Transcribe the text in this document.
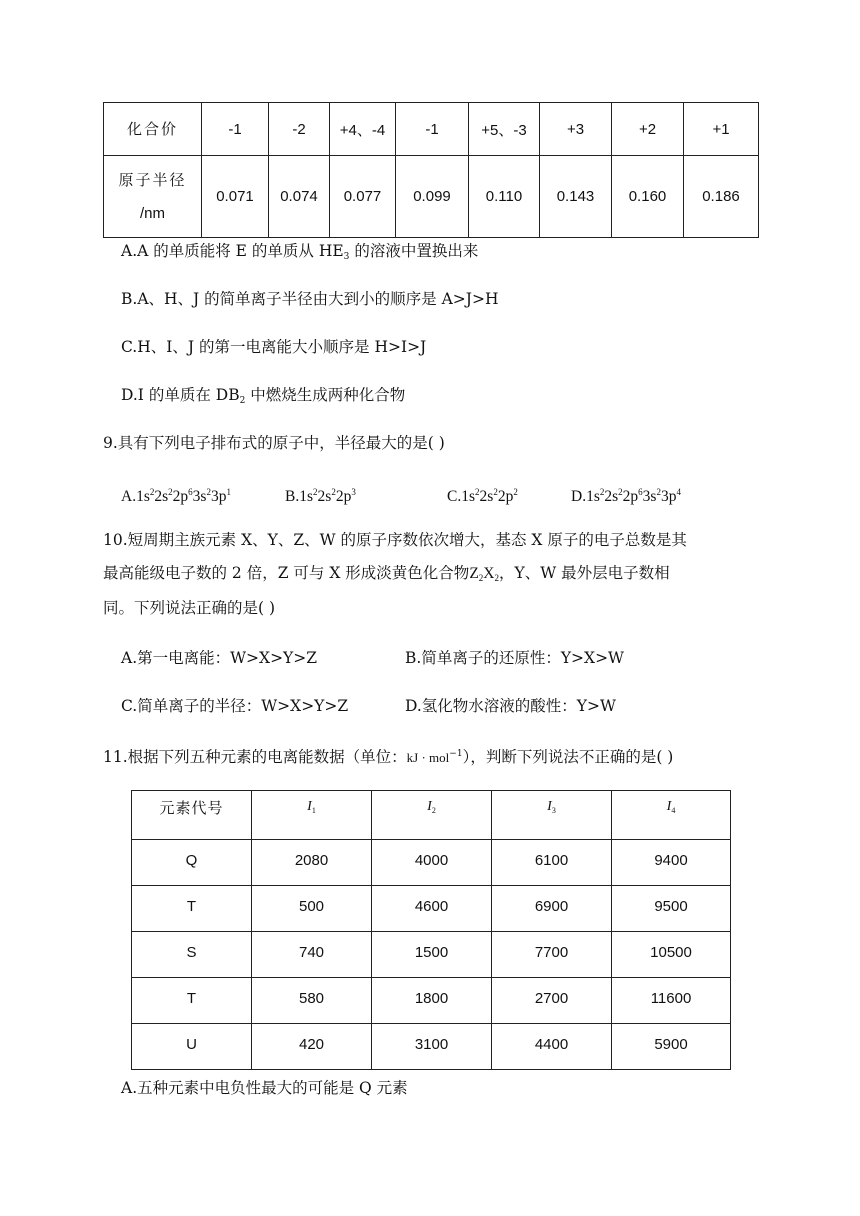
化合价	-1	-2	+4、-4	-1	+5、-3	+3	+2	+1

原子半径
/nm	0.071	0.074	0.077	0.099	0.110	0.143	0.160	0.186
A.A 的单质能将 E 的单质从 $HE_3$ 的溶液中置换出来
B.A、H、J 的简单离子半径由大到小的顺序是 A>J>H
C.H、I、J 的第一电离能大小顺序是 H>I>J
D.I 的单质在 $DB_2$ 中燃烧生成两种化合物
9.具有下列电子排布式的原子中，半径最大的是( )
$A.1s^22s^22p^63s^23p^1$	$B.1s^22s^22p^3$	$C.1s^22s^22p^2$	$D.1s^22s^22p^63s^23p^4$
10.短周期主族元素 X、Y、Z、W 的原子序数依次增大，基态 X 原子的电子总数是其
最高能级电子数的 2 倍，Z 可与 X 形成淡黄色化合物$Z_2X_2$，Y、W 最外层电子数相
同。下列说法正确的是( )
A.第一电离能：W>X>Y>Z	B.简单离子的还原性：Y>X>W
C.简单离子的半径：W>X>Y>Z	D.氢化物水溶液的酸性：Y>W
11.根据下列五种元素的电离能数据（单位：kJ · mol$^{-1}$），判断下列说法不正确的是( )
元素代号	$I_1$	$I_2$	$I_3$	$I_4$
Q	2080	4000	6100	9400
T	500	4600	6900	9500
S	740	1500	7700	10500
T	580	1800	2700	11600
U	420	3100	4400	5900
A.五种元素中电负性最大的可能是 Q 元素
